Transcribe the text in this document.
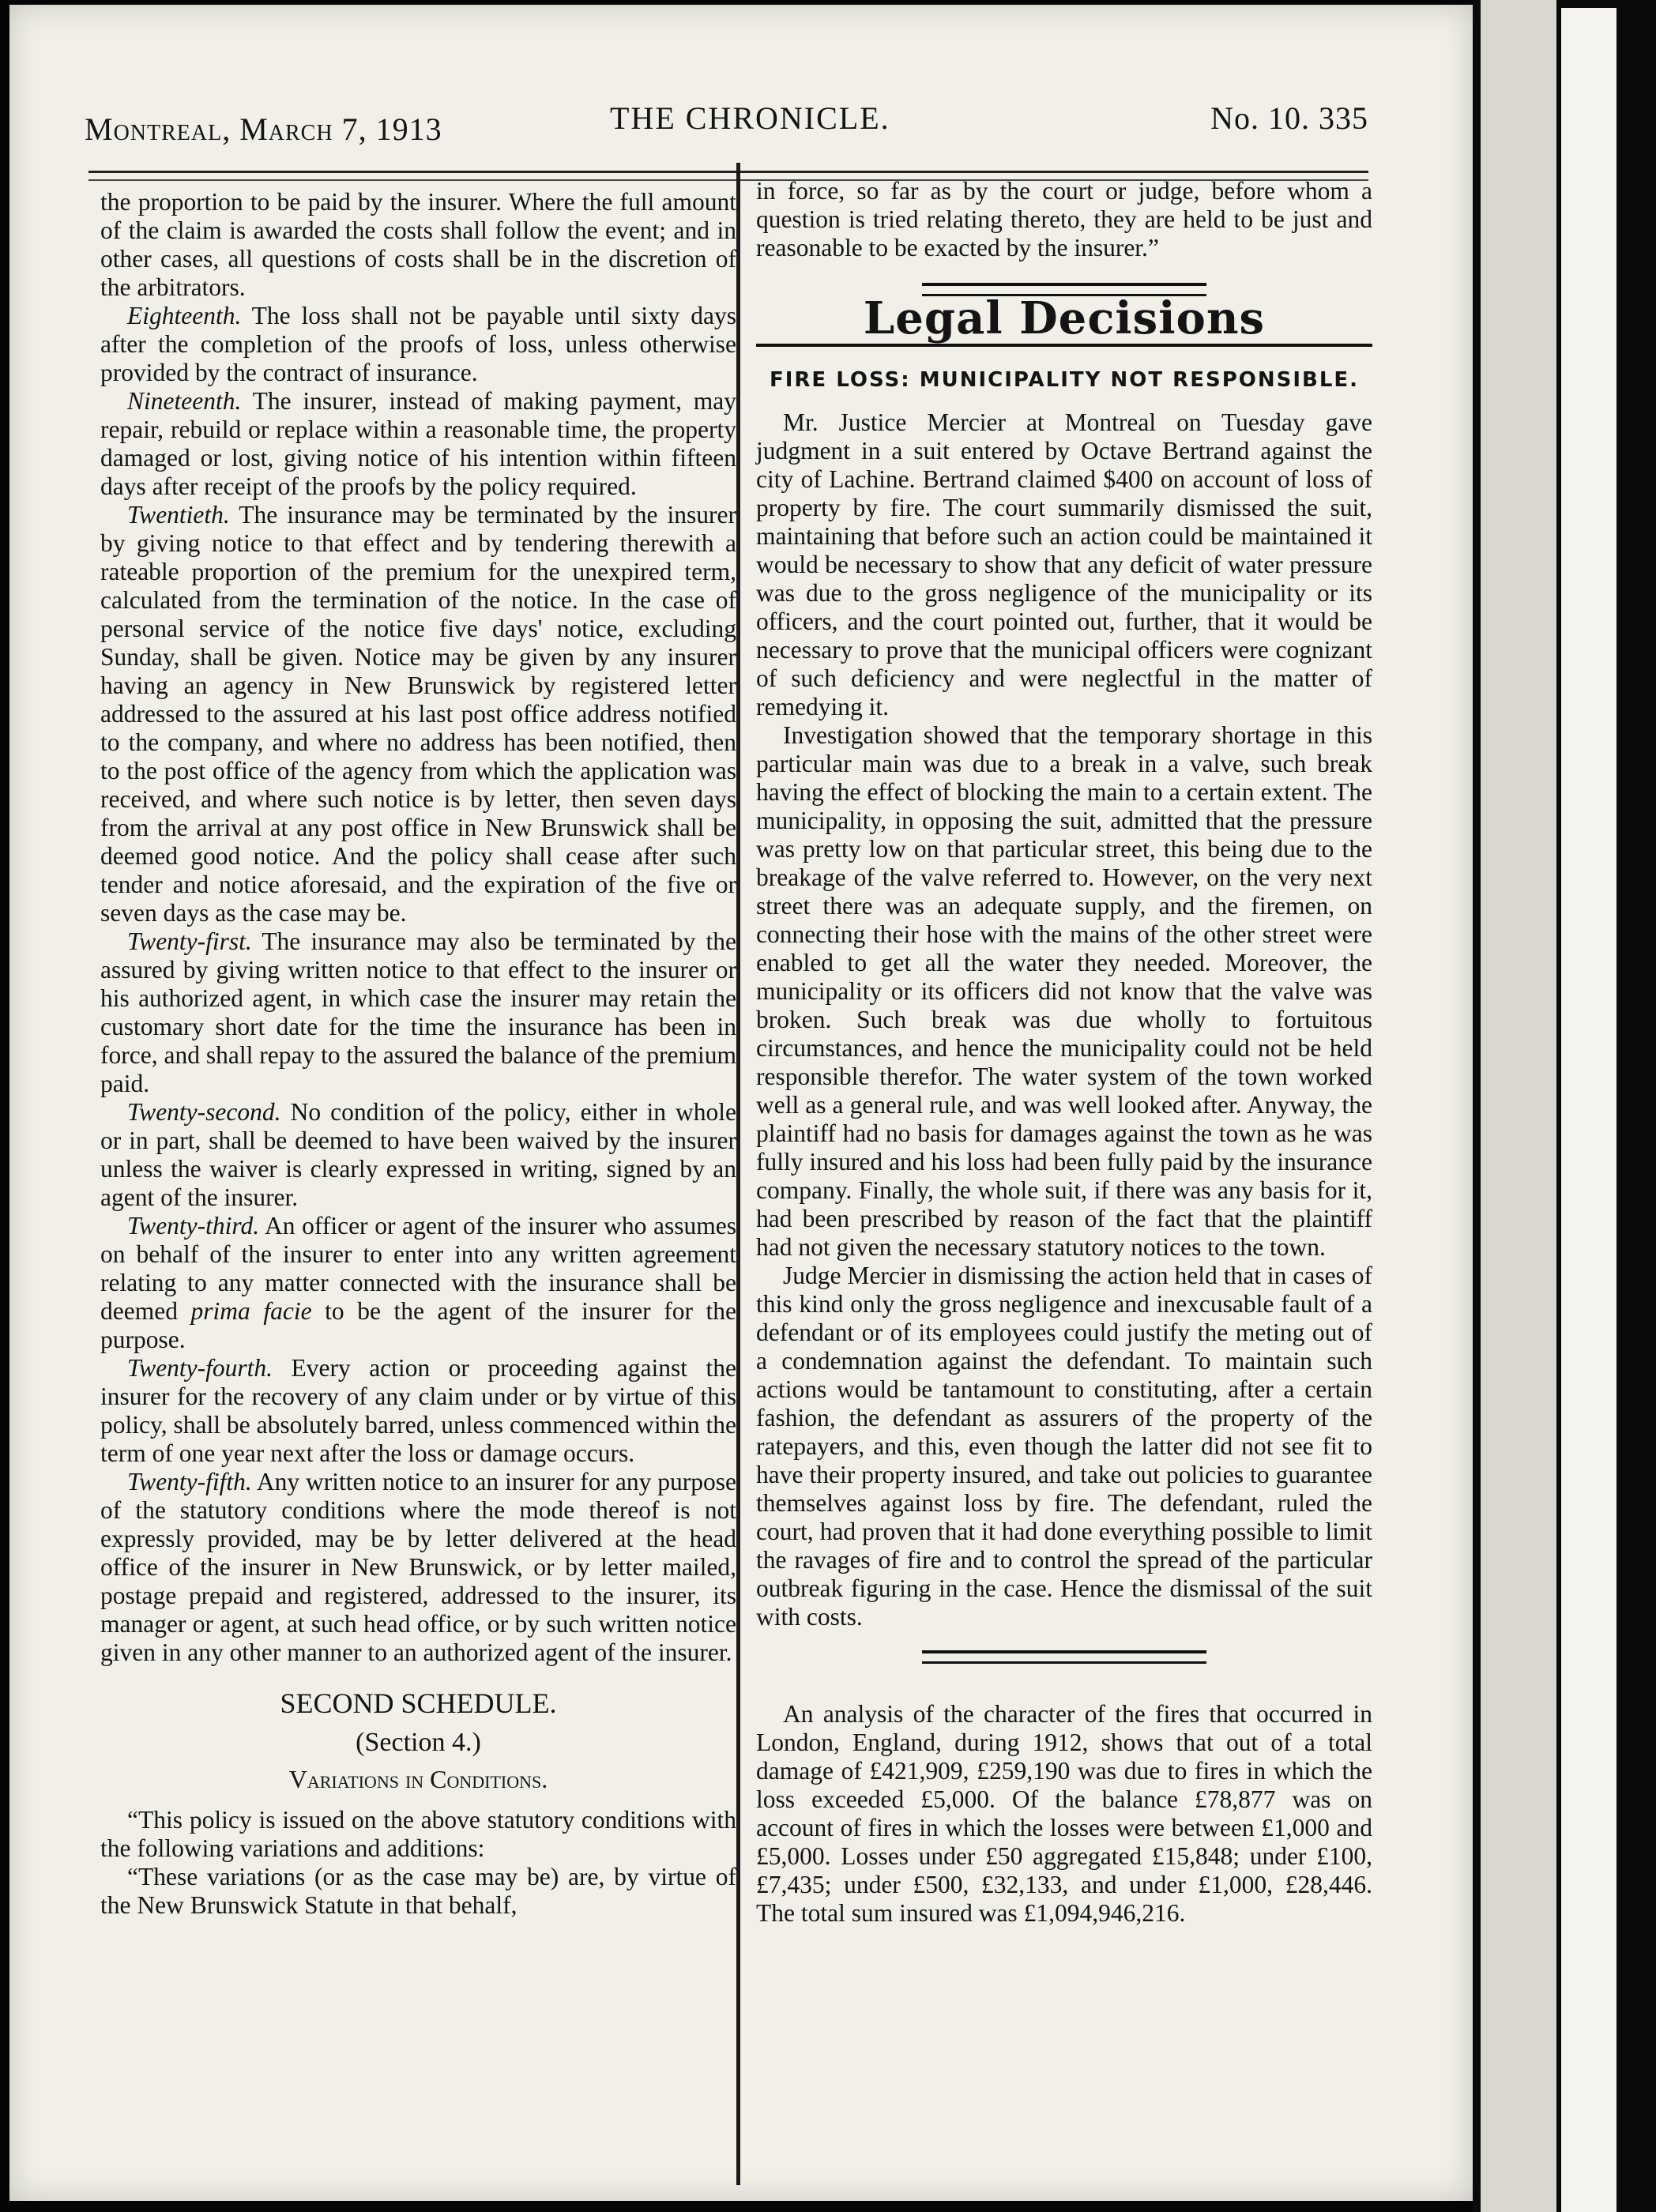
Montreal, March 7, 1913	THE CHRONICLE.	No. 10. 335

the proportion to be paid by the insurer. Where the full amount of the claim is awarded the costs shall follow the event; and in other cases, all questions of costs shall be in the discretion of the arbitrators.

Eighteenth. The loss shall not be payable until sixty days after the completion of the proofs of loss, unless otherwise provided by the contract of insurance.

Nineteenth. The insurer, instead of making payment, may repair, rebuild or replace within a reasonable time, the property damaged or lost, giving notice of his intention within fifteen days after receipt of the proofs by the policy required.

Twentieth. The insurance may be terminated by the insurer by giving notice to that effect and by tendering therewith a rateable proportion of the premium for the unexpired term, calculated from the termination of the notice. In the case of personal service of the notice five days' notice, excluding Sunday, shall be given. Notice may be given by any insurer having an agency in New Brunswick by registered letter addressed to the assured at his last post office address notified to the company, and where no address has been notified, then to the post office of the agency from which the application was received, and where such notice is by letter, then seven days from the arrival at any post office in New Brunswick shall be deemed good notice. And the policy shall cease after such tender and notice aforesaid, and the expiration of the five or seven days as the case may be.

Twenty-first. The insurance may also be terminated by the assured by giving written notice to that effect to the insurer or his authorized agent, in which case the insurer may retain the customary short date for the time the insurance has been in force, and shall repay to the assured the balance of the premium paid.

Twenty-second. No condition of the policy, either in whole or in part, shall be deemed to have been waived by the insurer unless the waiver is clearly expressed in writing, signed by an agent of the insurer.

Twenty-third. An officer or agent of the insurer who assumes on behalf of the insurer to enter into any written agreement relating to any matter connected with the insurance shall be deemed prima facie to be the agent of the insurer for the purpose.

Twenty-fourth. Every action or proceeding against the insurer for the recovery of any claim under or by virtue of this policy, shall be absolutely barred, unless commenced within the term of one year next after the loss or damage occurs.

Twenty-fifth. Any written notice to an insurer for any purpose of the statutory conditions where the mode thereof is not expressly provided, may be by letter delivered at the head office of the insurer in New Brunswick, or by letter mailed, postage prepaid and registered, addressed to the insurer, its manager or agent, at such head office, or by such written notice given in any other manner to an authorized agent of the insurer.

SECOND SCHEDULE.
(Section 4.)
Variations in Conditions.

“This policy is issued on the above statutory conditions with the following variations and additions:

“These variations (or as the case may be) are, by virtue of the New Brunswick Statute in that behalf,

in force, so far as by the court or judge, before whom a question is tried relating thereto, they are held to be just and reasonable to be exacted by the insurer.”

Legal Decisions
FIRE LOSS: MUNICIPALITY NOT RESPONSIBLE.

Mr. Justice Mercier at Montreal on Tuesday gave judgment in a suit entered by Octave Bertrand against the city of Lachine. Bertrand claimed $400 on account of loss of property by fire. The court summarily dismissed the suit, maintaining that before such an action could be maintained it would be necessary to show that any deficit of water pressure was due to the gross negligence of the municipality or its officers, and the court pointed out, further, that it would be necessary to prove that the municipal officers were cognizant of such deficiency and were neglectful in the matter of remedying it.

Investigation showed that the temporary shortage in this particular main was due to a break in a valve, such break having the effect of blocking the main to a certain extent. The municipality, in opposing the suit, admitted that the pressure was pretty low on that particular street, this being due to the breakage of the valve referred to. However, on the very next street there was an adequate supply, and the firemen, on connecting their hose with the mains of the other street were enabled to get all the water they needed. Moreover, the municipality or its officers did not know that the valve was broken. Such break was due wholly to fortuitous circumstances, and hence the municipality could not be held responsible therefor. The water system of the town worked well as a general rule, and was well looked after. Anyway, the plaintiff had no basis for damages against the town as he was fully insured and his loss had been fully paid by the insurance company. Finally, the whole suit, if there was any basis for it, had been prescribed by reason of the fact that the plaintiff had not given the necessary statutory notices to the town.

Judge Mercier in dismissing the action held that in cases of this kind only the gross negligence and inexcusable fault of a defendant or of its employees could justify the meting out of a condemnation against the defendant. To maintain such actions would be tantamount to constituting, after a certain fashion, the defendant as assurers of the property of the ratepayers, and this, even though the latter did not see fit to have their property insured, and take out policies to guarantee themselves against loss by fire. The defendant, ruled the court, had proven that it had done everything possible to limit the ravages of fire and to control the spread of the particular outbreak figuring in the case. Hence the dismissal of the suit with costs.

An analysis of the character of the fires that occurred in London, England, during 1912, shows that out of a total damage of £421,909, £259,190 was due to fires in which the loss exceeded £5,000. Of the balance £78,877 was on account of fires in which the losses were between £1,000 and £5,000. Losses under £50 aggregated £15,848; under £100, £7,435; under £500, £32,133, and under £1,000, £28,446. The total sum insured was £1,094,946,216.
